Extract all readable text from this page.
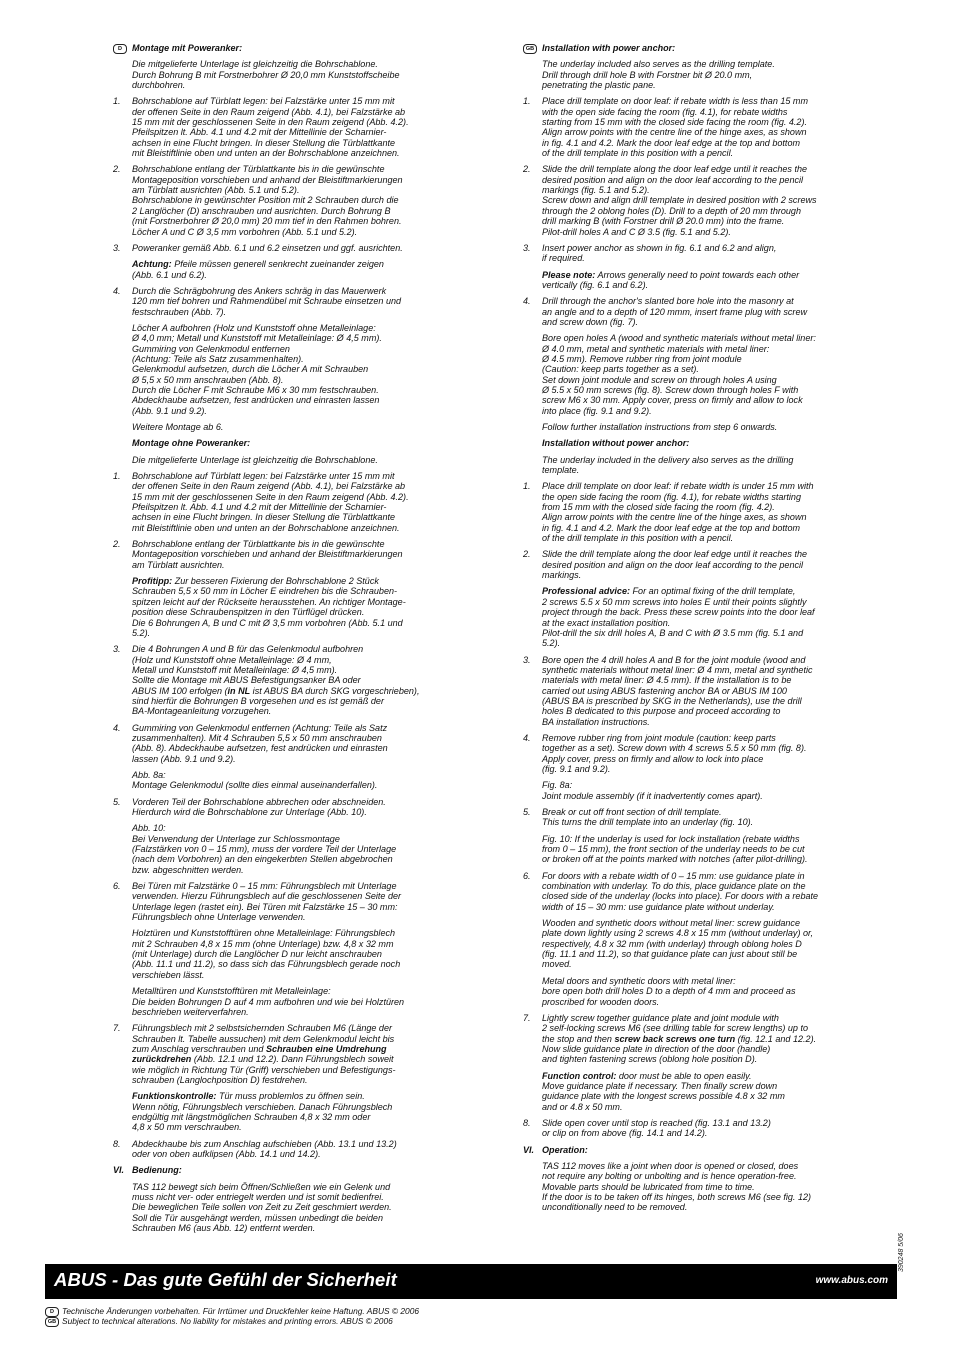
D	Montage mit Poweranker:
Die mitgelieferte Unterlage ist gleichzeitig die Bohrschablone.
Durch Bohrung B mit Forstnerbohrer Ø 20,0 mm Kunststoffscheibe
durchbohren.
1. Bohrschablone auf Türblatt legen: bei Falzstärke unter 15 mm mit
der offenen Seite in den Raum zeigend (Abb. 4.1), bei Falzstärke ab
15 mm mit der geschlossenen Seite in den Raum zeigend (Abb. 4.2).
Pfeilspitzen lt. Abb. 4.1 und 4.2 mit der Mittellinie der Scharnier-
achsen in eine Flucht bringen. In dieser Stellung die Türblattkante
mit Bleistiftlinie oben und unten an der Bohrschablone anzeichnen.
2. Bohrschablone entlang der Türblattkante bis in die gewünschte
Montageposition vorschieben und anhand der Bleistiftmarkierungen
am Türblatt ausrichten (Abb. 5.1 und 5.2).
Bohrschablone in gewünschter Position mit 2 Schrauben durch die
2 Langlöcher (D) anschrauben und ausrichten. Durch Bohrung B
(mit Forstnerbohrer Ø 20,0 mm) 20 mm tief in den Rahmen bohren.
Löcher A und C Ø 3,5 mm vorbohren (Abb. 5.1 und 5.2).
3. Poweranker gemäß Abb. 6.1 und 6.2 einsetzen und ggf. ausrichten.
Achtung: Pfeile müssen generell senkrecht zueinander zeigen
(Abb. 6.1 und 6.2).
4. Durch die Schrägbohrung des Ankers schräg in das Mauerwerk
120 mm tief bohren und Rahmendübel mit Schraube einsetzen und
festschrauben (Abb. 7).
Löcher A aufbohren (Holz und Kunststoff ohne Metalleinlage:
Ø 4,0 mm; Metall und Kunststoff mit Metalleinlage: Ø 4,5 mm).
Gummiring von Gelenkmodul entfernen
(Achtung: Teile als Satz zusammenhalten).
Gelenkmodul aufsetzen, durch die Löcher A mit Schrauben
Ø 5,5 x 50 mm anschrauben (Abb. 8).
Durch die Löcher F mit Schraube M6 x 30 mm festschrauben.
Abdeckhaube aufsetzen, fest andrücken und einrasten lassen
(Abb. 9.1 und 9.2).
Weitere Montage ab 6.
Montage ohne Poweranker:
Die mitgelieferte Unterlage ist gleichzeitig die Bohrschablone.
1. Bohrschablone auf Türblatt legen: bei Falzstärke unter 15 mm mit
der offenen Seite in den Raum zeigend (Abb. 4.1), bei Falzstärke ab
15 mm mit der geschlossenen Seite in den Raum zeigend (Abb. 4.2).
Pfeilspitzen lt. Abb. 4.1 und 4.2 mit der Mittellinie der Scharnier-
achsen in eine Flucht bringen. In dieser Stellung die Türblattkante
mit Bleistiftlinie oben und unten an der Bohrschablone anzeichnen.
2. Bohrschablone entlang der Türblattkante bis in die gewünschte
Montageposition vorschieben und anhand der Bleistiftmarkierungen
am Türblatt ausrichten.
Profitipp: Zur besseren Fixierung der Bohrschablone 2 Stück
Schrauben 5,5 x 50 mm in Löcher E eindrehen bis die Schrauben-
spitzen leicht auf der Rückseite herausstehen. An richtiger Montage-
position diese Schraubenspitzen in den Türflügel drücken.
Die 6 Bohrungen A, B und C mit Ø 3,5 mm vorbohren (Abb. 5.1 und
5.2).
3. Die 4 Bohrungen A und B für das Gelenkmodul aufbohren
(Holz und Kunststoff ohne Metalleinlage: Ø 4 mm,
Metall und Kunststoff mit Metalleinlage: Ø 4,5 mm).
Sollte die Montage mit ABUS Befestigungsanker BA oder
ABUS IM 100 erfolgen (in NL ist ABUS BA durch SKG vorgeschrieben),
sind hierfür die Bohrungen B vorgesehen und es ist gemäß der
BA-Montageanleitung vorzugehen.
4. Gummiring von Gelenkmodul entfernen (Achtung: Teile als Satz
zusammenhalten). Mit 4 Schrauben 5,5 x 50 mm anschrauben
(Abb. 8). Abdeckhaube aufsetzen, fest andrücken und einrasten
lassen (Abb. 9.1 und 9.2).
Abb. 8a:
Montage Gelenkmodul (sollte dies einmal auseinanderfallen).
5. Vorderen Teil der Bohrschablone abbrechen oder abschneiden.
Hierdurch wird die Bohrschablone zur Unterlage (Abb. 10).
Abb. 10:
Bei Verwendung der Unterlage zur Schlossmontage
(Falzstärken von 0 – 15 mm), muss der vordere Teil der Unterlage
(nach dem Vorbohren) an den eingekerbten Stellen abgebrochen
bzw. abgeschnitten werden.
6. Bei Türen mit Falzstärke 0 – 15 mm: Führungsblech mit Unterlage
verwenden. Hierzu Führungsblech auf die geschlossenen Seite der
Unterlage legen (rastet ein). Bei Türen mit Falzstärke 15 – 30 mm:
Führungsblech ohne Unterlage verwenden.
Holztüren und Kunststofftüren ohne Metalleinlage: Führungsblech
mit 2 Schrauben 4,8 x 15 mm (ohne Unterlage) bzw. 4,8 x 32 mm
(mit Unterlage) durch die Langlöcher D nur leicht anschrauben
(Abb. 11.1 und 11.2), so dass sich das Führungsblech gerade noch
verschieben lässt.
Metalltüren und Kunststofftüren mit Metalleinlage:
Die beiden Bohrungen D auf 4 mm aufbohren und wie bei Holztüren
beschrieben weiterverfahren.
7. Führungsblech mit 2 selbstsichernden Schrauben M6 (Länge der
Schrauben lt. Tabelle aussuchen) mit dem Gelenkmodul leicht bis
zum Anschlag verschrauben und Schrauben eine Umdrehung
zurückdrehen (Abb. 12.1 und 12.2). Dann Führungsblech soweit
wie möglich in Richtung Tür (Griff) verschieben und Befestigungs-
schrauben (Langlochposition D) festdrehen.
Funktionskontrolle: Tür muss problemlos zu öffnen sein.
Wenn nötig, Führungsblech verschieben. Danach Führungsblech
endgültig mit längstmöglichen Schrauben 4,8 x 32 mm oder
4,8 x 50 mm verschrauben.
8. Abdeckhaube bis zum Anschlag aufschieben (Abb. 13.1 und 13.2)
oder von oben aufklipsen (Abb. 14.1 und 14.2).
VI. Bedienung:
TAS 112 bewegt sich beim Öffnen/Schließen wie ein Gelenk und
muss nicht ver- oder entriegelt werden und ist somit bedienfrei.
Die beweglichen Teile sollen von Zeit zu Zeit geschmiert werden.
Soll die Tür ausgehängt werden, müssen unbedingt die beiden
Schrauben M6 (aus Abb. 12) entfernt werden.
GB Installation with power anchor:
The underlay included also serves as the drilling template.
Drill through drill hole B with Forstner bit Ø 20.0 mm,
penetrating the plastic pane.
1. Place drill template on door leaf: if rebate width is less than 15 mm
with the open side facing the room (fig. 4.1), for rebate widths
starting from 15 mm with the closed side facing the room (fig. 4.2).
Align arrow points with the centre line of the hinge axes, as shown
in fig. 4.1 and 4.2. Mark the door leaf edge at the top and bottom
of the drill template in this position with a pencil.
2. Slide the drill template along the door leaf edge until it reaches the
desired position and align on the door leaf according to the pencil
markings (fig. 5.1 and 5.2).
Screw down and align drill template in desired position with 2 screws
through the 2 oblong holes (D). Drill to a depth of 20 mm through
drill marking B (with Forstner drill Ø 20.0 mm) into the frame.
Pilot-drill holes A and C Ø 3.5 (fig. 5.1 and 5.2).
3. Insert power anchor as shown in fig. 6.1 and 6.2 and align,
if required.
Please note: Arrows generally need to point towards each other
vertically (fig. 6.1 and 6.2).
4. Drill through the anchor's slanted bore hole into the masonry at
an angle and to a depth of 120 mmm, insert frame plug with screw
and screw down (fig. 7).
Bore open holes A (wood and synthetic materials without metal liner:
Ø 4.0 mm, metal and synthetic materials with metal liner:
Ø 4.5 mm). Remove rubber ring from joint module
(Caution: keep parts together as a set).
Set down joint module and screw on through holes A using
Ø 5.5 x 50 mm screws (fig. 8). Screw down through holes F with
screw M6 x 30 mm. Apply cover, press on firmly and allow to lock
into place (fig. 9.1 and 9.2).
Follow further installation instructions from step 6 onwards.
Installation without power anchor:
The underlay included in the delivery also serves as the drilling
template.
1. Place drill template on door leaf: if rebate width is under 15 mm with
the open side facing the room (fig. 4.1), for rebate widths starting
from 15 mm with the closed side facing the room (fig. 4.2).
Align arrow points with the centre line of the hinge axes, as shown
in fig. 4.1 and 4.2. Mark the door leaf edge at the top and bottom
of the drill template in this position with a pencil.
2. Slide the drill template along the door leaf edge until it reaches the
desired position and align on the door leaf according to the pencil
markings.
Professional advice: For an optimal fixing of the drill template,
2 screws 5.5 x 50 mm screws into holes E until their points slightly
project through the back. Press these screw points into the door leaf
at the exact installation position.
Pilot-drill the six drill holes A, B and C with Ø 3.5 mm (fig. 5.1 and
5.2).
3. Bore open the 4 drill holes A and B for the joint module (wood and
synthetic materials without metal liner: Ø 4 mm, metal and synthetic
materials with metal liner: Ø 4.5 mm). If the installation is to be
carried out using ABUS fastening anchor BA or ABUS IM 100
(ABUS BA is prescribed by SKG in the Netherlands), use the drill
holes B dedicated to this purpose and proceed according to
BA installation instructions.
4. Remove rubber ring from joint module (caution: keep parts
together as a set). Screw down with 4 screws 5.5 x 50 mm (fig. 8).
Apply cover, press on firmly and allow to lock into place
(fig. 9.1 and 9.2).
Fig. 8a:
Joint module assembly (if it inadvertently comes apart).
5. Break or cut off front section of drill template.
This turns the drill template into an underlay (fig. 10).
Fig. 10: If the underlay is used for lock installation (rebate widths
from 0 – 15 mm), the front section of the underlay needs to be cut
or broken off at the points marked with notches (after pilot-drilling).
6. For doors with a rebate width of 0 – 15 mm: use guidance plate in
combination with underlay. To do this, place guidance plate on the
closed side of the underlay (locks into place). For doors with a rebate
width of 15 – 30 mm: use guidance plate without underlay.
Wooden and synthetic doors without metal liner: screw guidance
plate down lightly using 2 screws 4.8 x 15 mm (without underlay) or,
respectively, 4.8 x 32 mm (with underlay) through oblong holes D
(fig. 11.1 and 11.2), so that guidance plate can just about still be
moved.
Metal doors and synthetic doors with metal liner:
bore open both drill holes D to a depth of 4 mm and proceed as
proscribed for wooden doors.
7. Lightly screw together guidance plate and joint module with
2 self-locking screws M6 (see drilling table for screw lengths) up to
the stop and then screw back screws one turn (fig. 12.1 and 12.2).
Now slide guidance plate in direction of the door (handle)
and tighten fastening screws (oblong hole position D).
Function control: door must be able to open easily.
Move guidance plate if necessary. Then finally screw down
guidance plate with the longest screws possible 4.8 x 32 mm
and or 4.8 x 50 mm.
8. Slide open cover until stop is reached (fig. 13.1 and 13.2)
or clip on from above (fig. 14.1 and 14.2).
VI. Operation:
TAS 112 moves like a joint when door is opened or closed, does
not require any bolting or unbolting and is hence operation-free.
Movable parts should be lubricated from time to time.
If the door is to be taken off its hinges, both screws M6 (see fig. 12)
unconditionally need to be removed.
ABUS - Das gute Gefühl der Sicherheit	www.abus.com
390248 5/06
D Technische Änderungen vorbehalten. Für Irrtümer und Druckfehler keine Haftung. ABUS © 2006
GB Subject to technical alterations. No liability for mistakes and printing errors. ABUS © 2006
